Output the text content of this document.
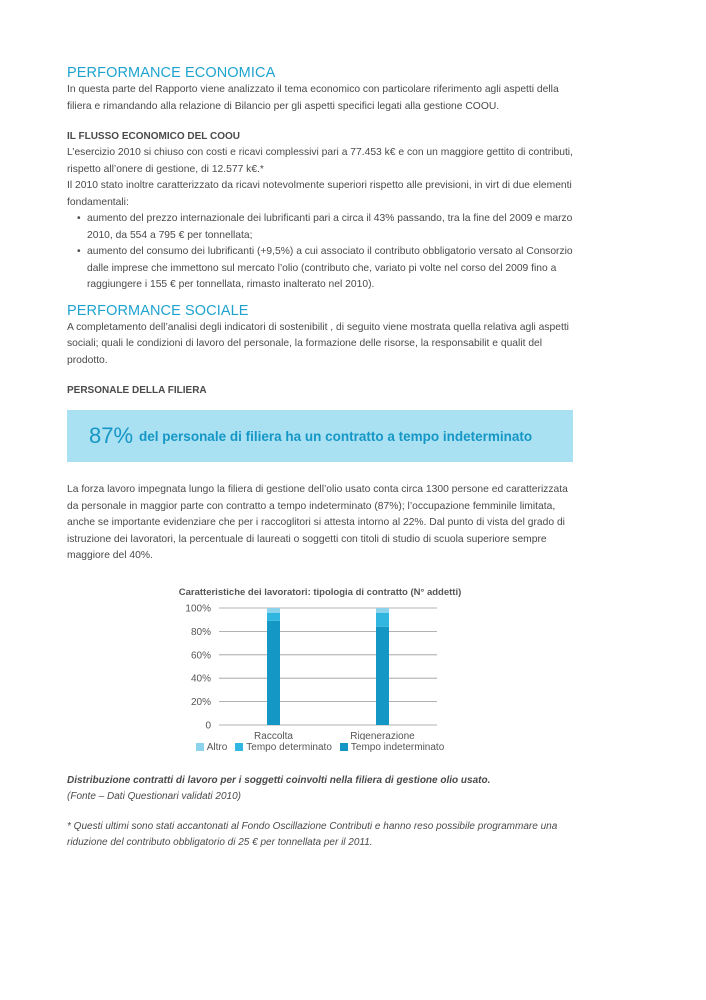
PERFORMANCE ECONOMICA

In questa parte del Rapporto viene analizzato il tema economico con particolare riferimento agli aspetti della filiera e rimandando alla relazione di Bilancio per gli aspetti specifici legati alla gestione COOU.

IL FLUSSO ECONOMICO DEL COOU

L’esercizio 2010 si chiuso con costi e ricavi complessivi pari a 77.453 k€ e con un maggiore gettito di contributi, rispetto all’onere di gestione, di 12.577 k€.*

Il 2010 stato inoltre caratterizzato da ricavi notevolmente superiori rispetto alle previsioni, in virt di due elementi fondamentali:

• aumento del prezzo internazionale dei lubrificanti pari a circa il 43% passando, tra la fine del 2009 e marzo 2010, da 554 a 795 € per tonnellata;
• aumento del consumo dei lubrificanti (+9,5%) a cui associato il contributo obbligatorio versato al Consorzio dalle imprese che immettono sul mercato l’olio (contributo che, variato pi volte nel corso del 2009 fino a raggiungere i 155 € per tonnellata, rimasto inalterato nel 2010).
PERFORMANCE SOCIALE

A completamento dell’analisi degli indicatori di sostenibilit , di seguito viene mostrata quella relativa agli aspetti sociali; quali le condizioni di lavoro del personale, la formazione delle risorse, la responsabilit e qualit del prodotto.

PERSONALE DELLA FILIERA
87% del personale di filiera ha un contratto a tempo indeterminato

La forza lavoro impegnata lungo la filiera di gestione dell’olio usato conta circa 1300 persone ed caratterizzata da personale in maggior parte con contratto a tempo indeterminato (87%); l’occupazione femminile limitata, anche se importante evidenziare che per i raccoglitori si attesta intorno al 22%. Dal punto di vista del grado di istruzione dei lavoratori, la percentuale di laureati o soggetti con titoli di studio di scuola superiore sempre maggiore del 40%.

Caratteristiche dei lavoratori: tipologia di contratto (N° addetti)
0
20%
40%
60%
80%
100%
Raccolta	Rigenerazione
Altro	Tempo determinato	Tempo indeterminato
Distribuzione contratti di lavoro per i soggetti coinvolti nella filiera di gestione olio usato.
(Fonte – Dati Questionari validati 2010)
* Questi ultimi sono stati accantonati al Fondo Oscillazione Contributi e hanno reso possibile programmare una riduzione del contributo obbligatorio di 25 € per tonnellata per il 2011.
